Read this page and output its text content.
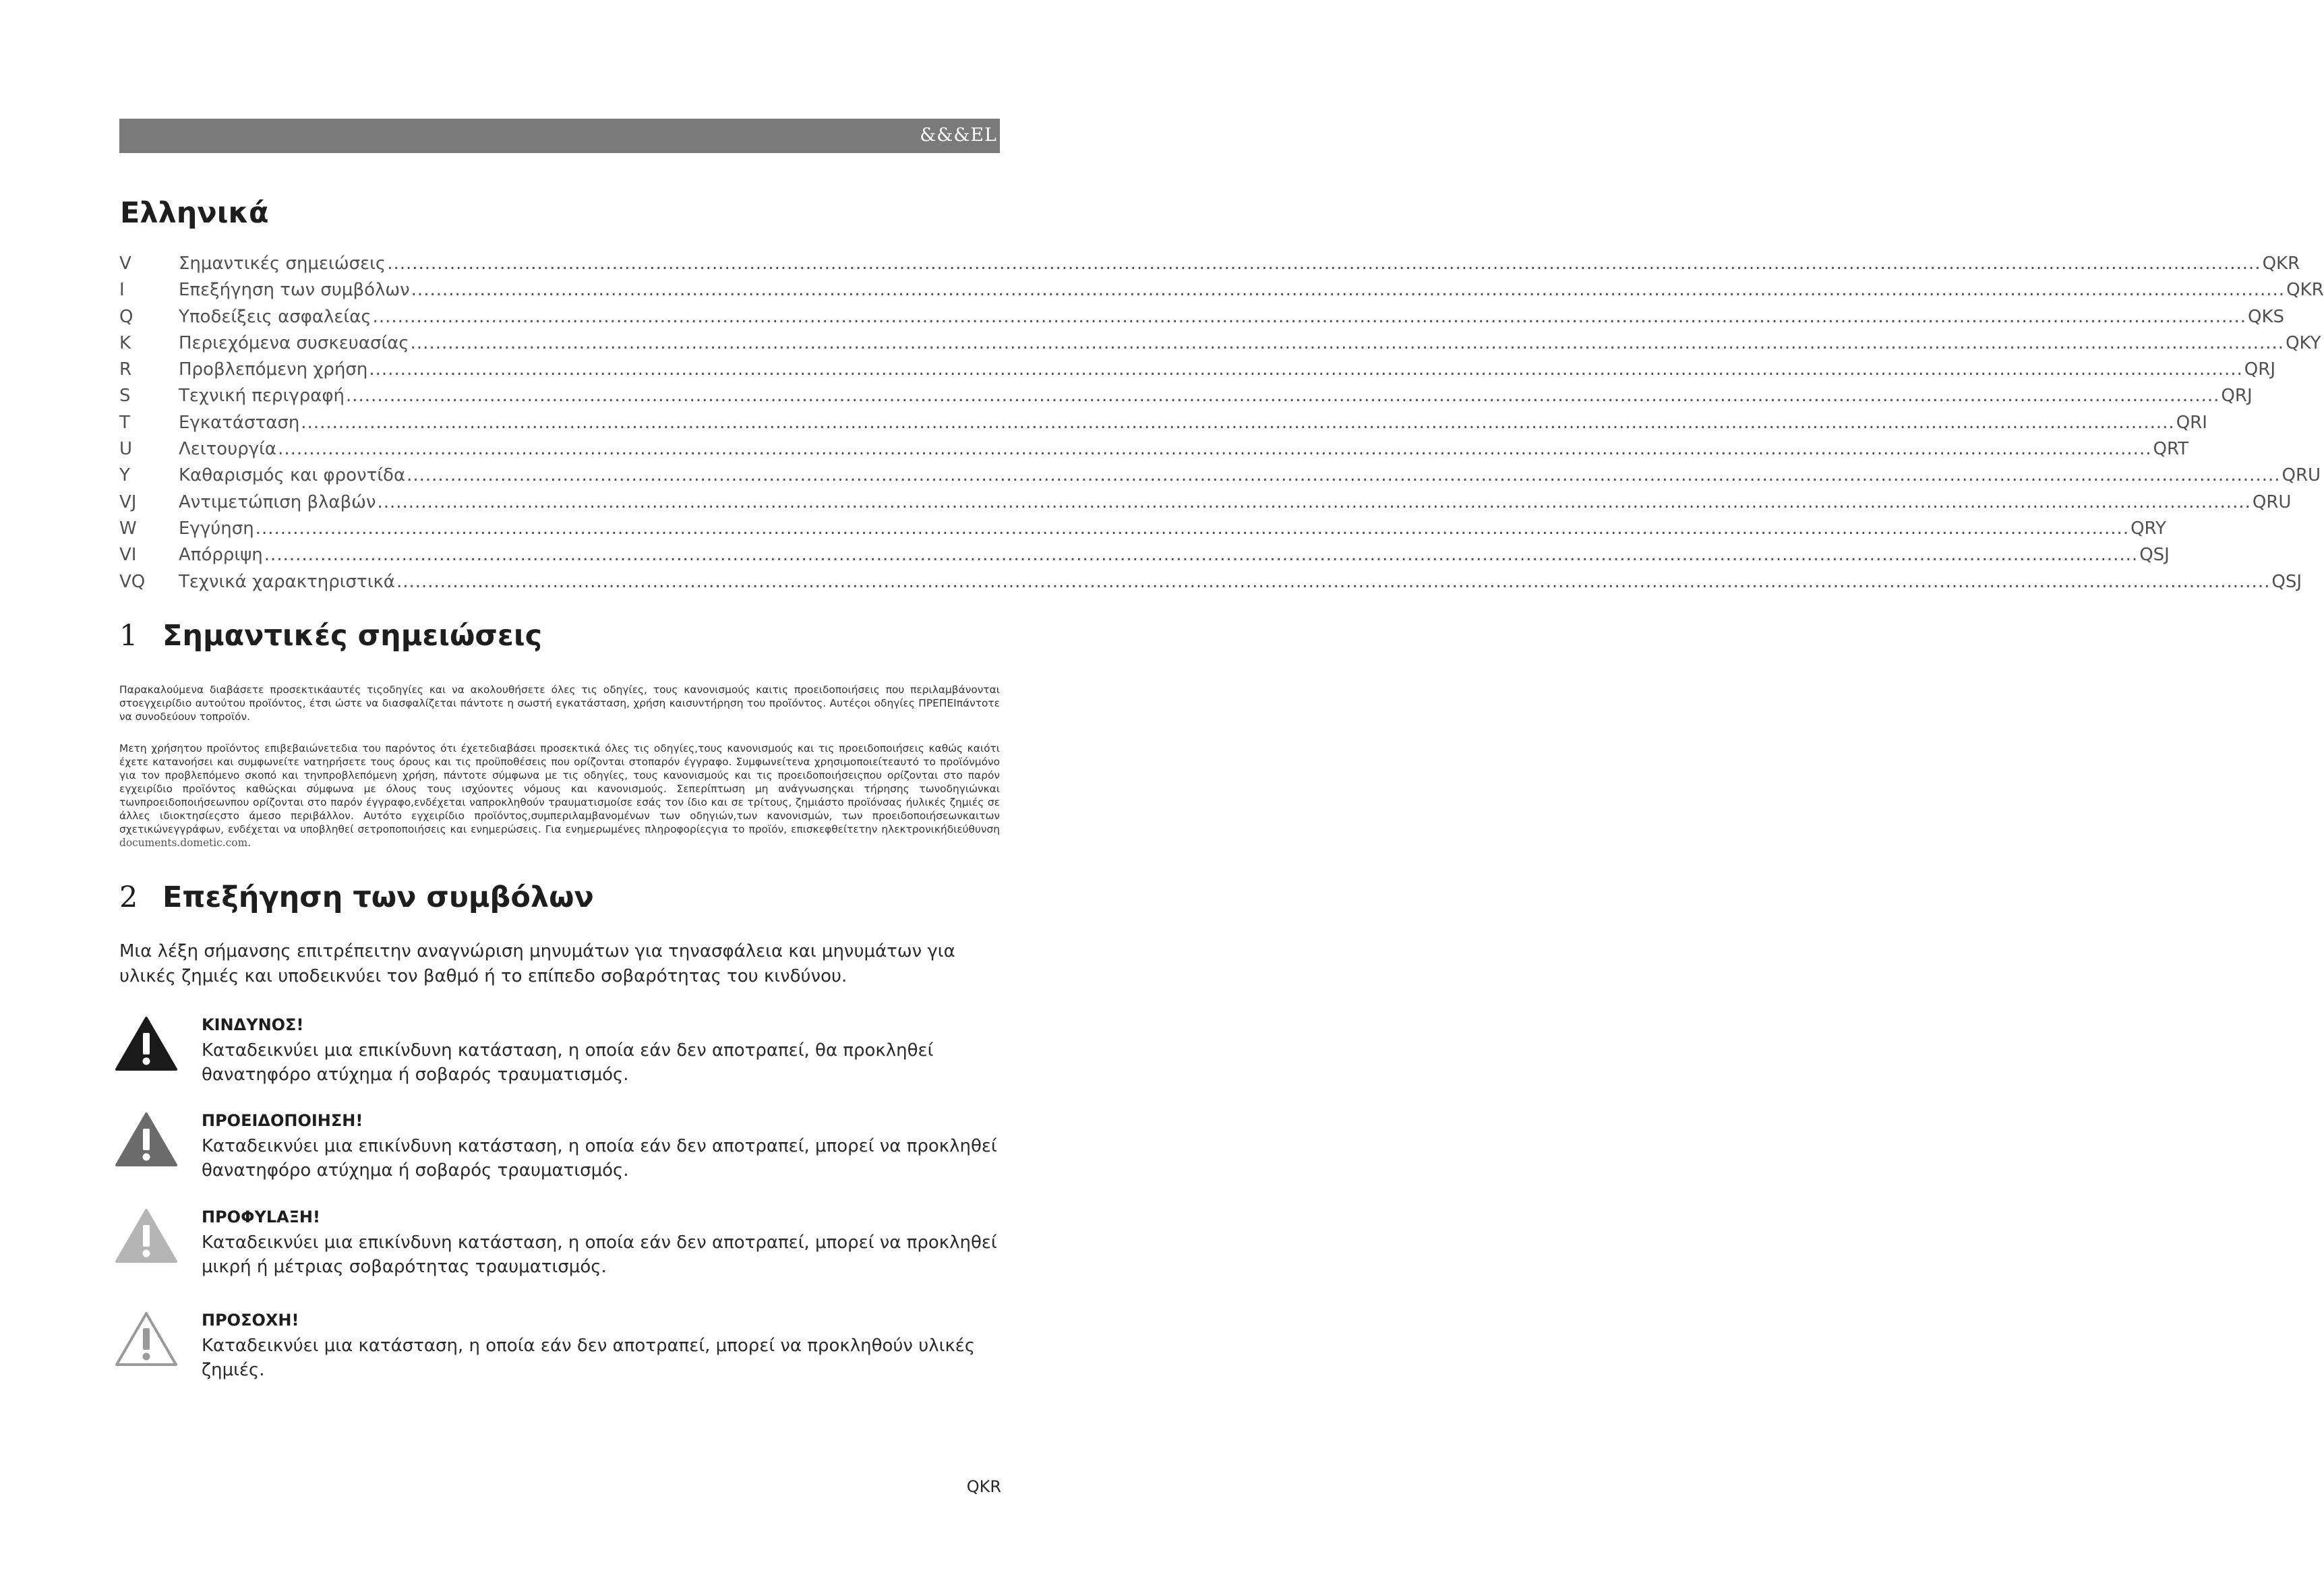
&&&EL
Ελληνικά
V	Σημαντικές σημειώσεις ............................................................................................................................................................................................................................................................................................................ QKR
I	Επεξήγηση των συμβόλων ............................................................................................................................................................................................................................................................................................................ QKR
Q	Υποδείξεις ασφαλείας ............................................................................................................................................................................................................................................................................................................ QKS
K	Περιεχόμενα συσκευασίας ............................................................................................................................................................................................................................................................................................................ QKY
R	Προβλεπόμενη χρήση ............................................................................................................................................................................................................................................................................................................ QRJ
S	Τεχνική περιγραφή ............................................................................................................................................................................................................................................................................................................ QRJ
T	Εγκατάσταση ............................................................................................................................................................................................................................................................................................................ QRI
U	Λειτουργία ............................................................................................................................................................................................................................................................................................................ QRT
Y	Καθαρισμός και φροντίδα ............................................................................................................................................................................................................................................................................................................ QRU
VJ	Αντιμετώπιση βλαβών ............................................................................................................................................................................................................................................................................................................ QRU
W	Εγγύηση ............................................................................................................................................................................................................................................................................................................ QRY
VI	Απόρριψη ............................................................................................................................................................................................................................................................................................................ QSJ
VQ	Τεχνικά χαρακτηριστικά ............................................................................................................................................................................................................................................................................................................ QSJ
1 Σημαντικές σημειώσεις

Παρακαλούμενα διαβάσετε προσεκτικάαυτές τιςοδηγίες και να ακολουθήσετε όλες τις οδηγίες, τους κανονισμούς καιτις προειδοποιήσεις που περιλαμβάνονται στοεγχειρίδιο αυτούτου προϊόντος, έτσι ώστε να διασφαλίζεται πάντοτε η σωστή εγκατάσταση, χρήση καισυντήρηση του προϊόντος. Αυτέςοι οδηγίες ΠΡΕΠΕΙπάντοτε να συνοδεύουν τοπροϊόν.

Μετη χρήσητου προϊόντος επιβεβαιώνετεδια του παρόντος ότι έχετεδιαβάσει προσεκτικά όλες τις οδηγίες,τους κανονισμούς και τις προειδοποιήσεις καθώς καιότι έχετε κατανοήσει και συμφωνείτε νατηρήσετε τους όρους και τις προϋποθέσεις που ορίζονται στοπαρόν έγγραφο. Συμφωνείτενα χρησιμοποιείτεαυτό το προϊόνμόνο για τον προβλεπόμενο σκοπό και τηνπροβλεπόμενη χρήση, πάντοτε σύμφωνα με τις οδηγίες, τους κανονισμούς και τις προειδοποιήσειςπου ορίζονται στο παρόν εγχειρίδιο προϊόντος καθώςκαι σύμφωνα με όλους τους ισχύοντες νόμους και κανονισμούς. Σεπερίπτωση μη ανάγνωσηςκαι τήρησης τωνοδηγιώνκαι τωνπροειδοποιήσεωνπου ορίζονται στο παρόν έγγραφο,ενδέχεται ναπροκληθούν τραυματισμοίσε εσάς τον ίδιο και σε τρίτους, ζημιάστο προϊόνσας ήυλικές ζημιές σε άλλες ιδιοκτησίεςστο άμεσο περιβάλλον. Αυτότο εγχειρίδιο προϊόντος,συμπεριλαμβανομένων των οδηγιών,των κανονισμών, των προειδοποιήσεωνκαιτων σχετικώνεγγράφων, ενδέχεται να υποβληθεί σετροποποιήσεις και ενημερώσεις. Για ενημερωμένες πληροφορίεςγια το προϊόν, επισκεφθείτετην ηλεκτρονικήδιεύθυνση documents.dometic.com.

2 Επεξήγηση των συμβόλων

Μια λέξη σήμανσης επιτρέπειτην αναγνώριση μηνυμάτων για τηνασφάλεια και μηνυμάτων για υλικές ζημιές και υποδεικνύει τον βαθμό ή το επίπεδο σοβαρότητας του κινδύνου.

ΚΙΝΔΥΝΟΣ!

Καταδεικνύει μια επικίνδυνη κατάσταση, η οποία εάν δεν αποτραπεί, θα προκληθεί θανατηφόρο ατύχημα ή σοβαρός τραυματισμός.

ΠΡΟΕΙΔΟΠΟΙΗΣΗ!

Καταδεικνύει μια επικίνδυνη κατάσταση, η οποία εάν δεν αποτραπεί, μπορεί να προκληθεί θανατηφόρο ατύχημα ή σοβαρός τραυματισμός.

ΠΡΟΦYLAΞΗ!

Καταδεικνύει μια επικίνδυνη κατάσταση, η οποία εάν δεν αποτραπεί, μπορεί να προκληθεί μικρή ή μέτριας σοβαρότητας τραυματισμός.

ΠΡΟΣΟΧΗ!

Καταδεικνύει μια κατάσταση, η οποία εάν δεν αποτραπεί, μπορεί να προκληθούν υλικές ζημιές.

QKR
